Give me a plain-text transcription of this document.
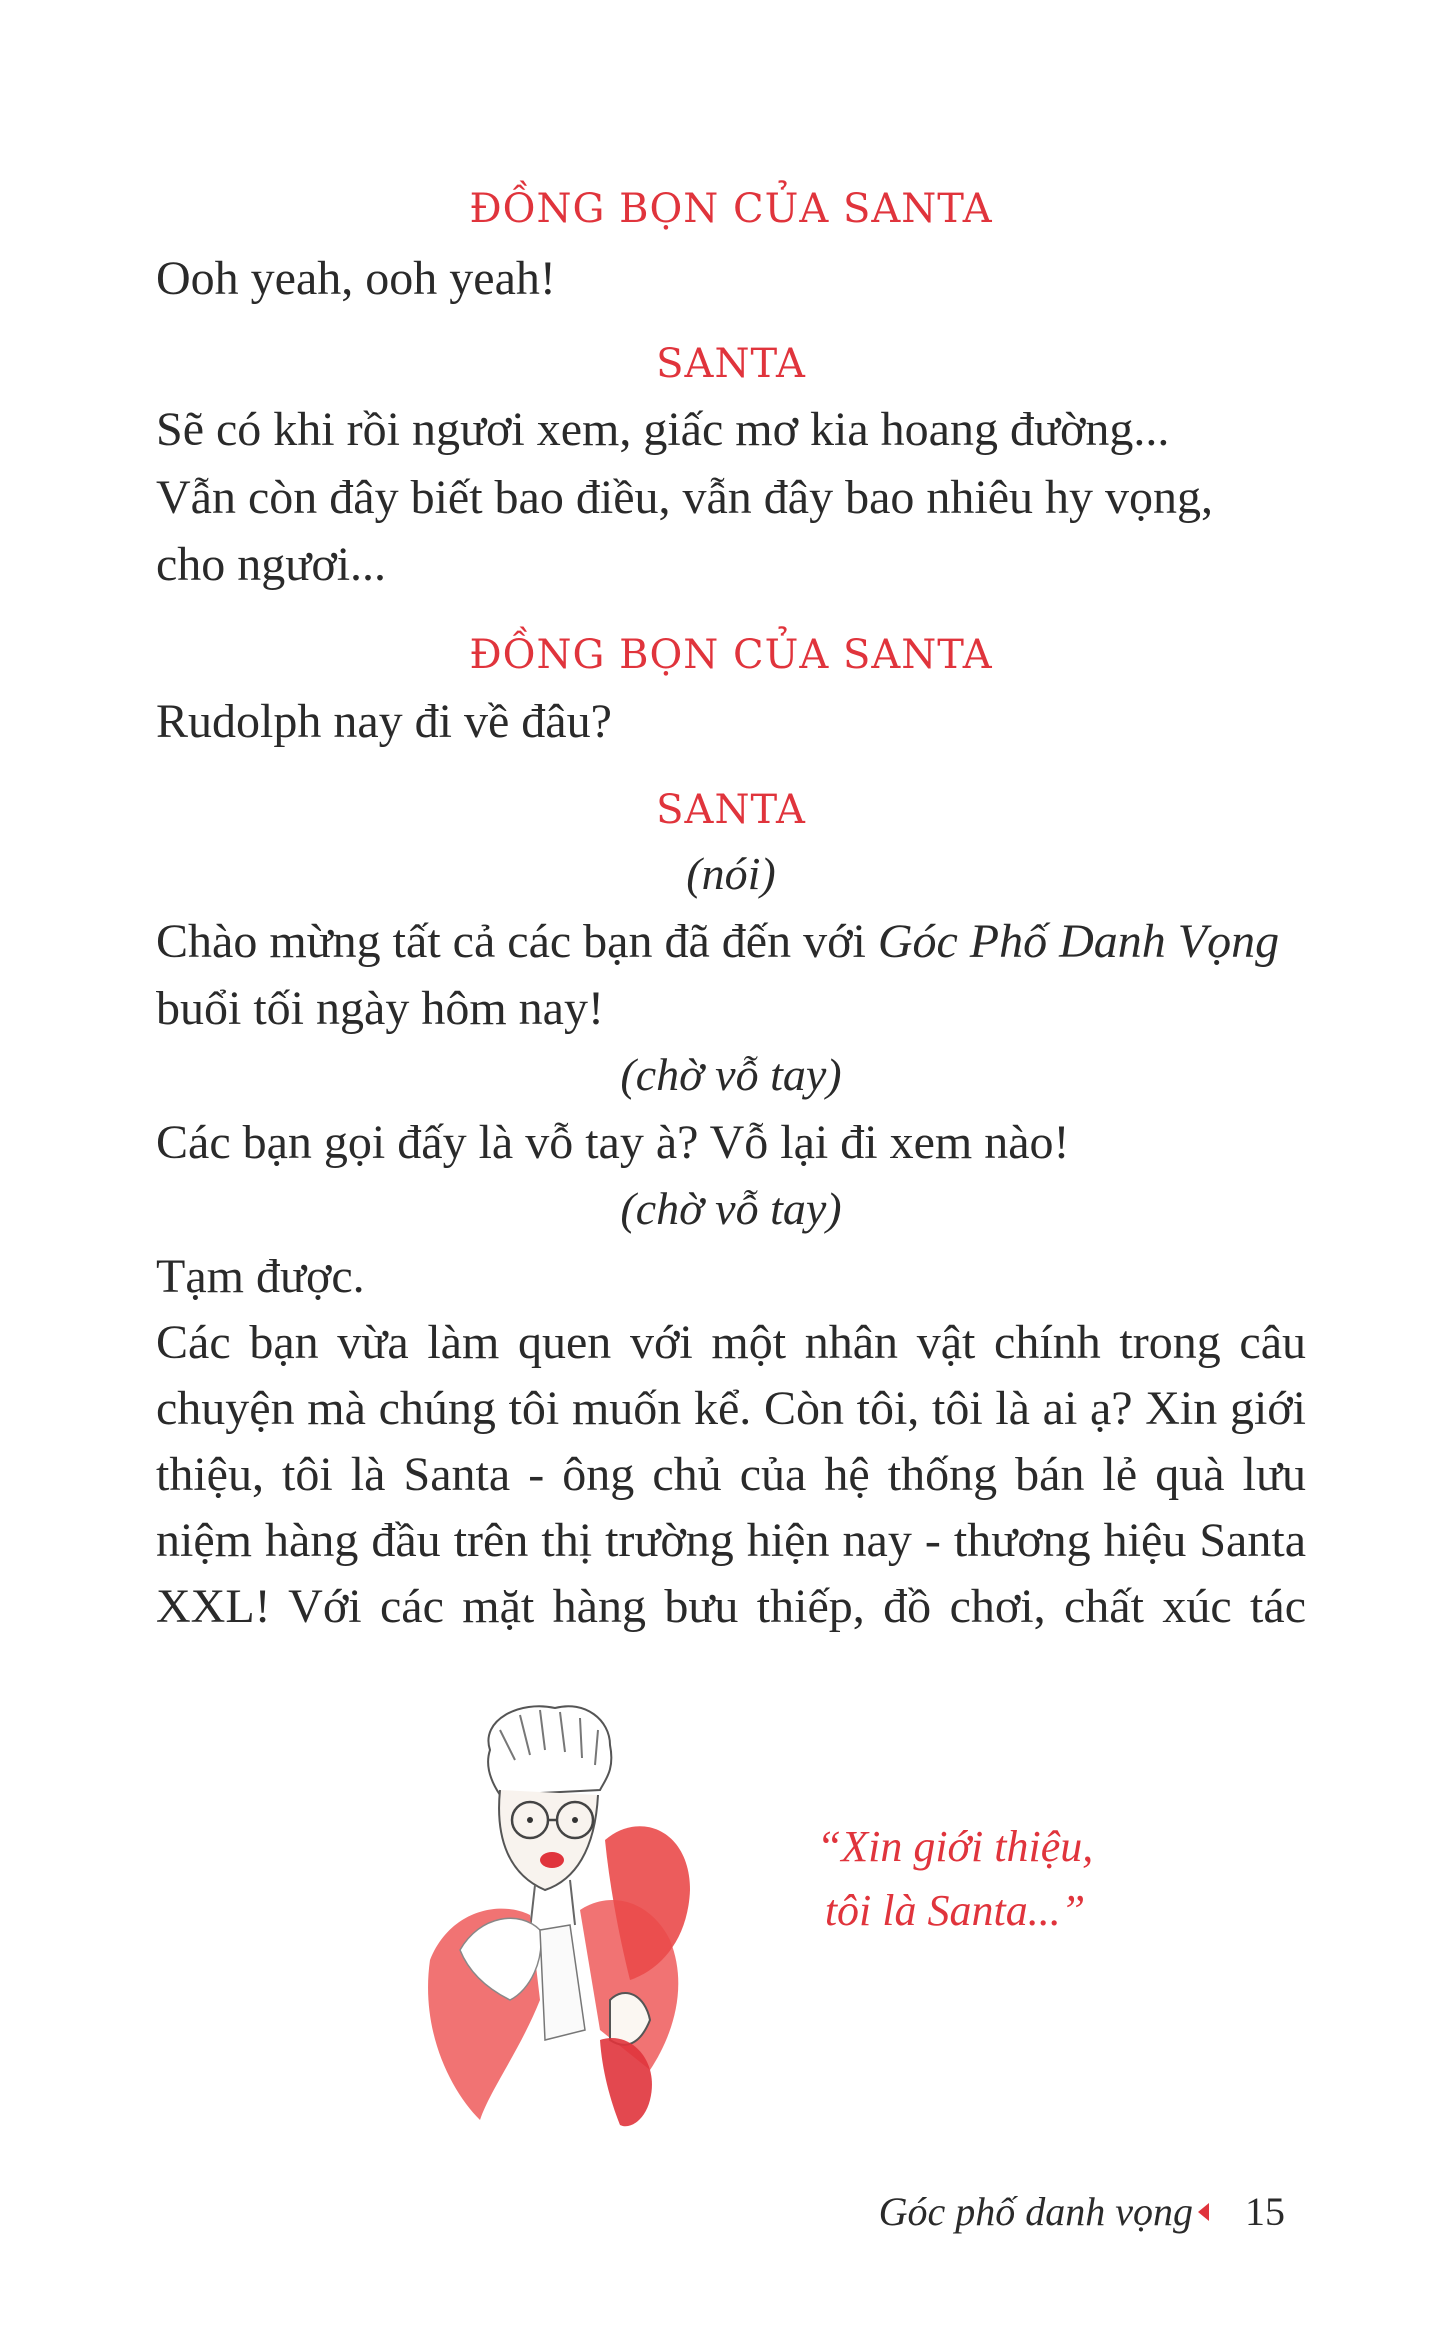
ĐỒNG BỌN CỦA SANTA
Ooh yeah, ooh yeah!
SANTA
Sẽ có khi rồi ngươi xem, giấc mơ kia hoang đường...
Vẫn còn đây biết bao điều, vẫn đây bao nhiêu hy vọng,
cho ngươi...
ĐỒNG BỌN CỦA SANTA
Rudolph nay đi về đâu?
SANTA
(nói)
Chào mừng tất cả các bạn đã đến với Góc Phố Danh Vọng
buổi tối ngày hôm nay!
(chờ vỗ tay)
Các bạn gọi đấy là vỗ tay à? Vỗ lại đi xem nào!
(chờ vỗ tay)
Tạm được.
Các bạn vừa làm quen với một nhân vật chính trong câu
chuyện mà chúng tôi muốn kể. Còn tôi, tôi là ai ạ? Xin giới
thiệu, tôi là Santa - ông chủ của hệ thống bán lẻ quà lưu
niệm hàng đầu trên thị trường hiện nay - thương hiệu Santa
XXL! Với các mặt hàng bưu thiếp, đồ chơi, chất xúc tác
“Xin giới thiệu,
tôi là Santa...”
Góc phố danh vọng 15
